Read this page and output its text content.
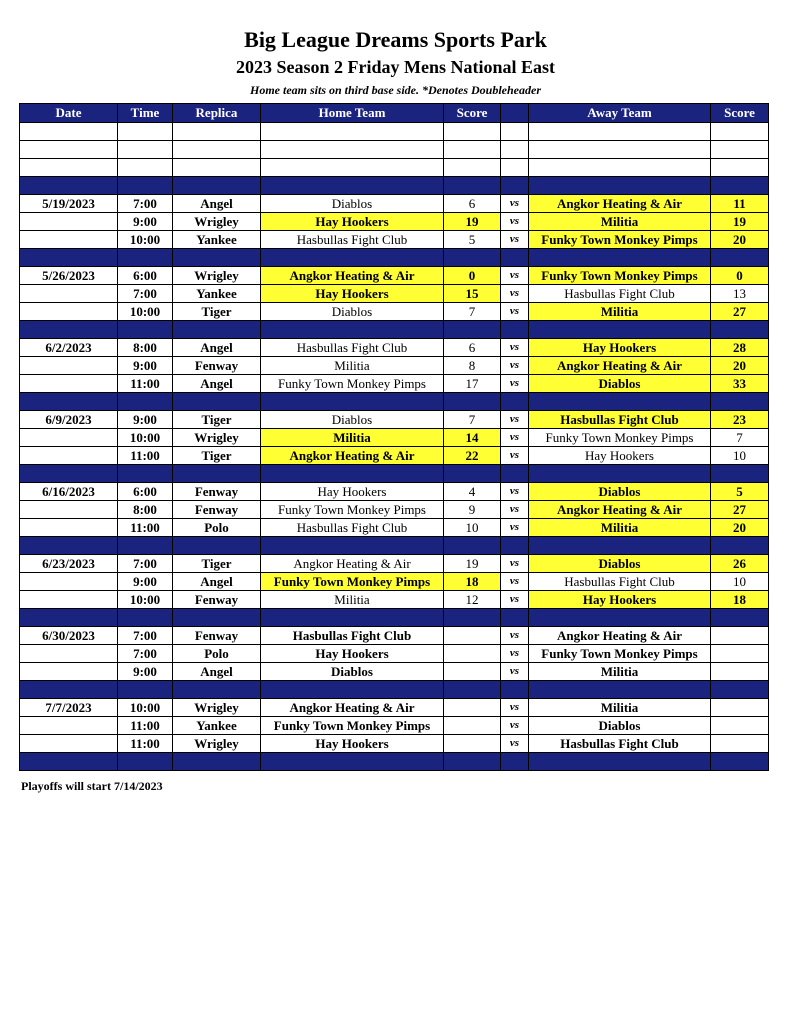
Big League Dreams Sports Park
2023 Season 2 Friday Mens National East
Home team sits on third base side. *Denotes Doubleheader
Date	Time	Replica	Home Team	Score		Away Team	Score

5/19/2023	7:00	Angel	Diablos	6	vs	Angkor Heating & Air	11
	9:00	Wrigley	Hay Hookers	19	vs	Militia	19
	10:00	Yankee	Hasbullas Fight Club	5	vs	Funky Town Monkey Pimps	20

5/26/2023	6:00	Wrigley	Angkor Heating & Air	0	vs	Funky Town Monkey Pimps	0
	7:00	Yankee	Hay Hookers	15	vs	Hasbullas Fight Club	13
	10:00	Tiger	Diablos	7	vs	Militia	27

6/2/2023	8:00	Angel	Hasbullas Fight Club	6	vs	Hay Hookers	28
	9:00	Fenway	Militia	8	vs	Angkor Heating & Air	20
	11:00	Angel	Funky Town Monkey Pimps	17	vs	Diablos	33

6/9/2023	9:00	Tiger	Diablos	7	vs	Hasbullas Fight Club	23
	10:00	Wrigley	Militia	14	vs	Funky Town Monkey Pimps	7
	11:00	Tiger	Angkor Heating & Air	22	vs	Hay Hookers	10

6/16/2023	6:00	Fenway	Hay Hookers	4	vs	Diablos	5
	8:00	Fenway	Funky Town Monkey Pimps	9	vs	Angkor Heating & Air	27
	11:00	Polo	Hasbullas Fight Club	10	vs	Militia	20

6/23/2023	7:00	Tiger	Angkor Heating & Air	19	vs	Diablos	26
	9:00	Angel	Funky Town Monkey Pimps	18	vs	Hasbullas Fight Club	10
	10:00	Fenway	Militia	12	vs	Hay Hookers	18

6/30/2023	7:00	Fenway	Hasbullas Fight Club		vs	Angkor Heating & Air	
	7:00	Polo	Hay Hookers		vs	Funky Town Monkey Pimps	
	9:00	Angel	Diablos		vs	Militia	

7/7/2023	10:00	Wrigley	Angkor Heating & Air		vs	Militia	
	11:00	Yankee	Funky Town Monkey Pimps		vs	Diablos	
	11:00	Wrigley	Hay Hookers		vs	Hasbullas Fight Club	

Playoffs will start 7/14/2023
